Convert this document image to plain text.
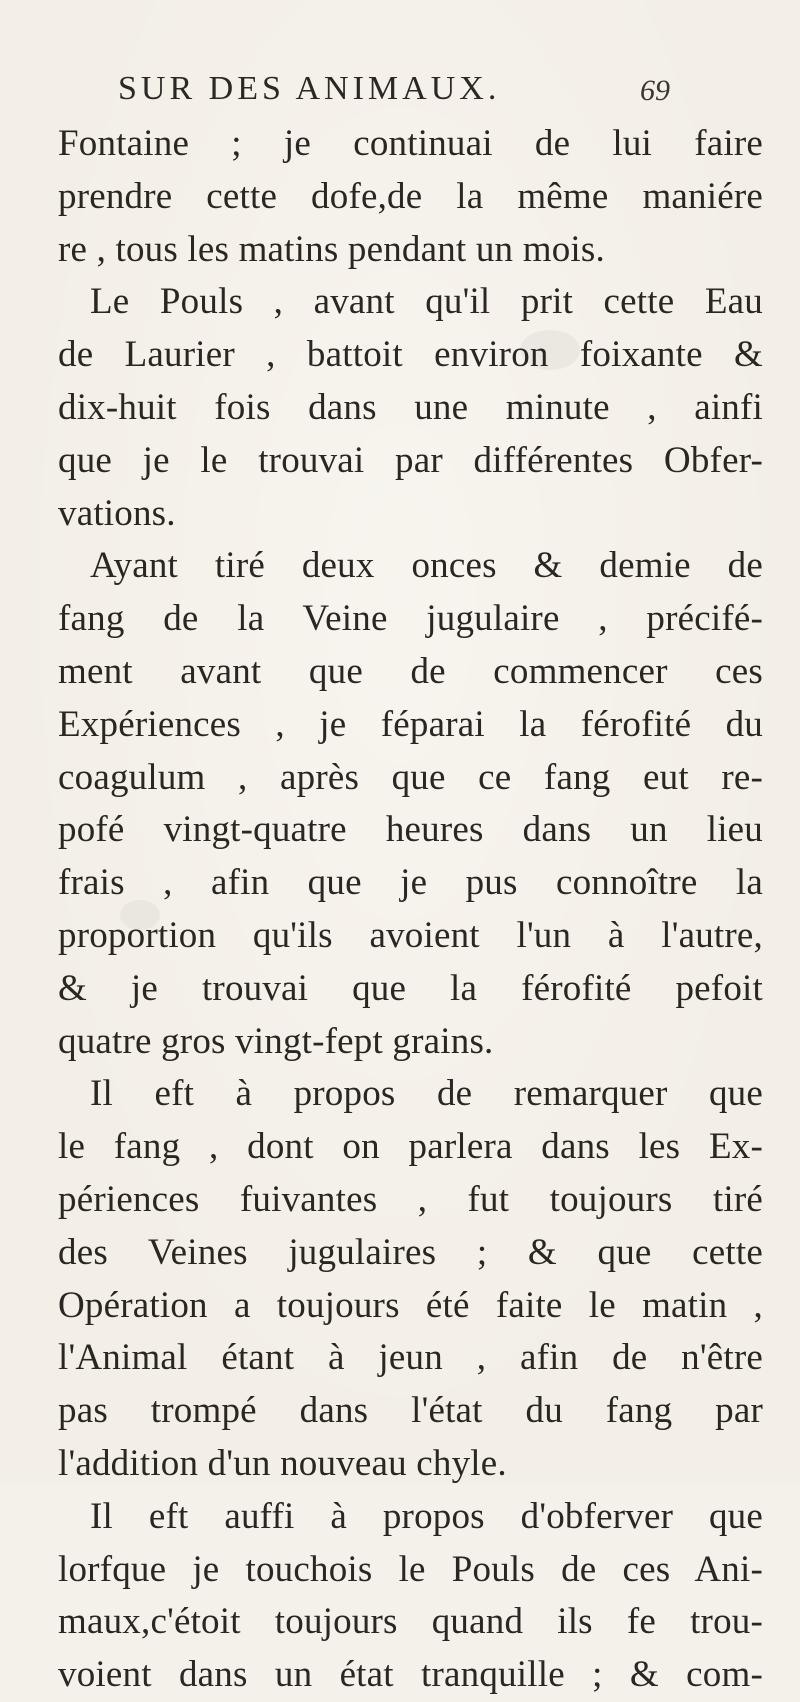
SUR DES ANIMAUX.	69
Fontaine ; je continuai de lui faire
prendre cette dofe,de la même maniére
re , tous les matins pendant un mois.
Le Pouls , avant qu'il prit cette Eau
de Laurier , battoit environ foixante &
dix-huit fois dans une minute , ainfi
que je le trouvai par différentes Obfer-
vations.
Ayant tiré deux onces & demie de
fang de la Veine jugulaire , précifé-
ment avant que de commencer ces
Expériences , je féparai la férofité du
coagulum , après que ce fang eut re-
pofé vingt-quatre heures dans un lieu
frais , afin que je pus connoître la
proportion qu'ils avoient l'un à l'autre,
& je trouvai que la férofité pefoit
quatre gros vingt-fept grains.
Il eft à propos de remarquer que
le fang , dont on parlera dans les Ex-
périences fuivantes , fut toujours tiré
des Veines jugulaires ; & que cette
Opération a toujours été faite le matin ,
l'Animal étant à jeun , afin de n'être
pas trompé dans l'état du fang par
l'addition d'un nouveau chyle.
Il eft auffi à propos d'obferver que
lorfque je touchois le Pouls de ces Ani-
maux,c'étoit toujours quand ils fe trou-
voient dans un état tranquille ; & com-
